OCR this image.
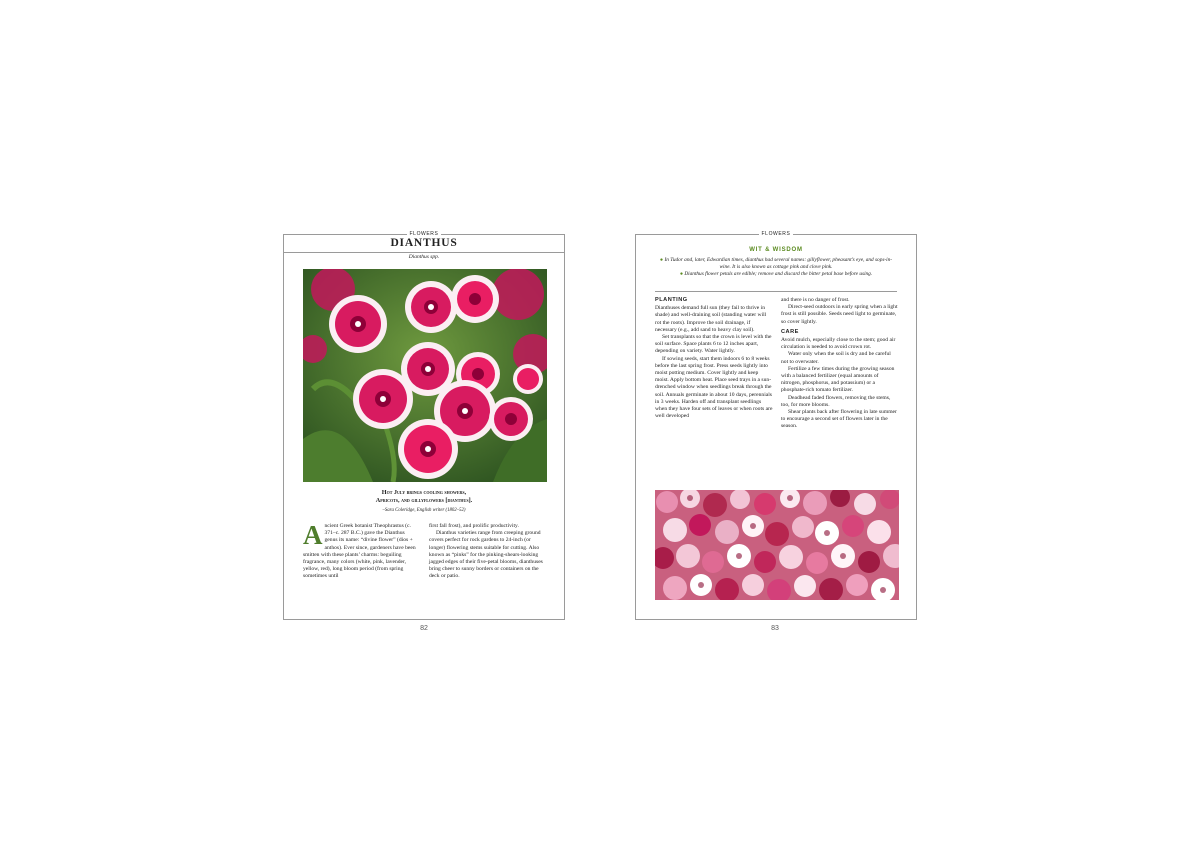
FLOWERS
DIANTHUS
Dianthus spp.
Hot July brings cooling showers,
Apricots, and gillyflowers [dianthus].
–Sara Coleridge, English writer (1802–52)
Ancient Greek botanist Theophrastus (c. 371–c. 287 B.C.) gave the Dianthus genus its name: “divine flower” (dios + anthos). Ever since, gardeners have been smitten with these plants’ charms: beguiling fragrance, many colors (white, pink, lavender, yellow, red), long bloom period (from spring sometimes until

first fall frost), and prolific productivity.

Dianthus varieties range from creeping ground covers perfect for rock gardens to 24-inch (or longer) flowering stems suitable for cutting. Also known as “pinks” for the pinking-shears-looking jagged edges of their five-petal blooms, dianthuses bring cheer to sunny borders or containers on the deck or patio.

FLOWERS
WIT & WISDOM
● In Tudor and, later, Edwardian times, dianthus had several names: gillyflower, pheasant’s eye, and sops-in-wine. It is also known as cottage pink and clove pink.
● Dianthus flower petals are edible; remove and discard the bitter petal base before using.
PLANTING

Dianthuses demand full sun (they fail to thrive in shade) and well-draining soil (standing water will rot the roots). Improve the soil drainage, if necessary (e.g., add sand to heavy clay soil).

Set transplants so that the crown is level with the soil surface. Space plants 6 to 12 inches apart, depending on variety. Water lightly.

If sowing seeds, start them indoors 6 to 8 weeks before the last spring frost. Press seeds lightly into moist potting medium. Cover lightly and keep moist. Apply bottom heat. Place seed trays in a sun-drenched window when seedlings break through the soil. Annuals germinate in about 10 days, perennials in 3 weeks. Harden off and transplant seedlings when they have four sets of leaves or when roots are well developed

and there is no danger of frost.

Direct-seed outdoors in early spring when a light frost is still possible. Seeds need light to germinate, so cover lightly.

CARE

Avoid mulch, especially close to the stem; good air circulation is needed to avoid crown rot.

Water only when the soil is dry and be careful not to overwater.

Fertilize a few times during the growing season with a balanced fertilizer (equal amounts of nitrogen, phosphorus, and potassium) or a phosphate-rich tomato fertilizer.

Deadhead faded flowers, removing the stems, too, for more blooms.

Shear plants back after flowering in late summer to encourage a second set of flowers later in the season.

82	83
